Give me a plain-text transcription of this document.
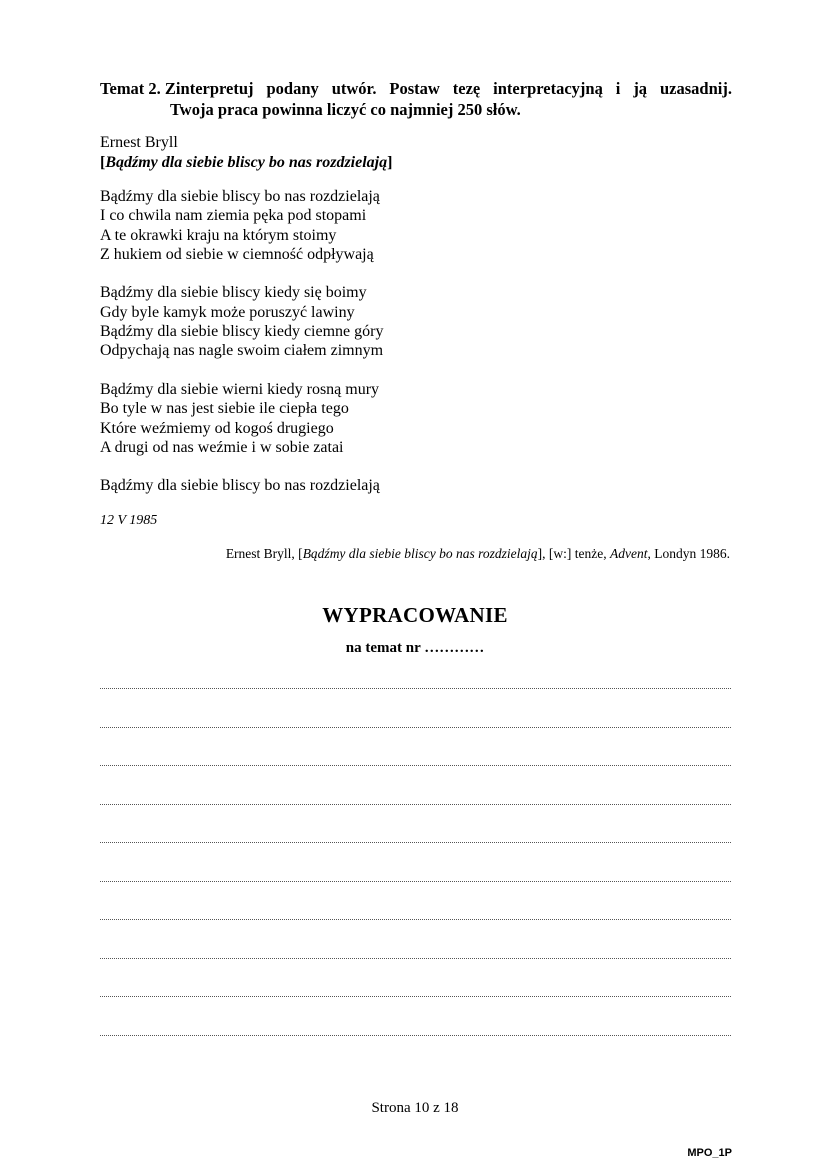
Temat 2. Zinterpretuj podany utwór. Postaw tezę interpretacyjną i ją uzasadnij.
Twoja praca powinna liczyć co najmniej 250 słów.
Ernest Bryll
[Bądźmy dla siebie bliscy bo nas rozdzielają]
Bądźmy dla siebie bliscy bo nas rozdzielają
I co chwila nam ziemia pęka pod stopami
A te okrawki kraju na którym stoimy
Z hukiem od siebie w ciemność odpływają
Bądźmy dla siebie bliscy kiedy się boimy
Gdy byle kamyk może poruszyć lawiny
Bądźmy dla siebie bliscy kiedy ciemne góry
Odpychają nas nagle swoim ciałem zimnym
Bądźmy dla siebie wierni kiedy rosną mury
Bo tyle w nas jest siebie ile ciepła tego
Które weźmiemy od kogoś drugiego
A drugi od nas weźmie i w sobie zatai
Bądźmy dla siebie bliscy bo nas rozdzielają
12 V 1985
Ernest Bryll, [Bądźmy dla siebie bliscy bo nas rozdzielają], [w:] tenże, Advent, Londyn 1986.
WYPRACOWANIE
na temat nr …………
Strona 10 z 18
MPO_1P
